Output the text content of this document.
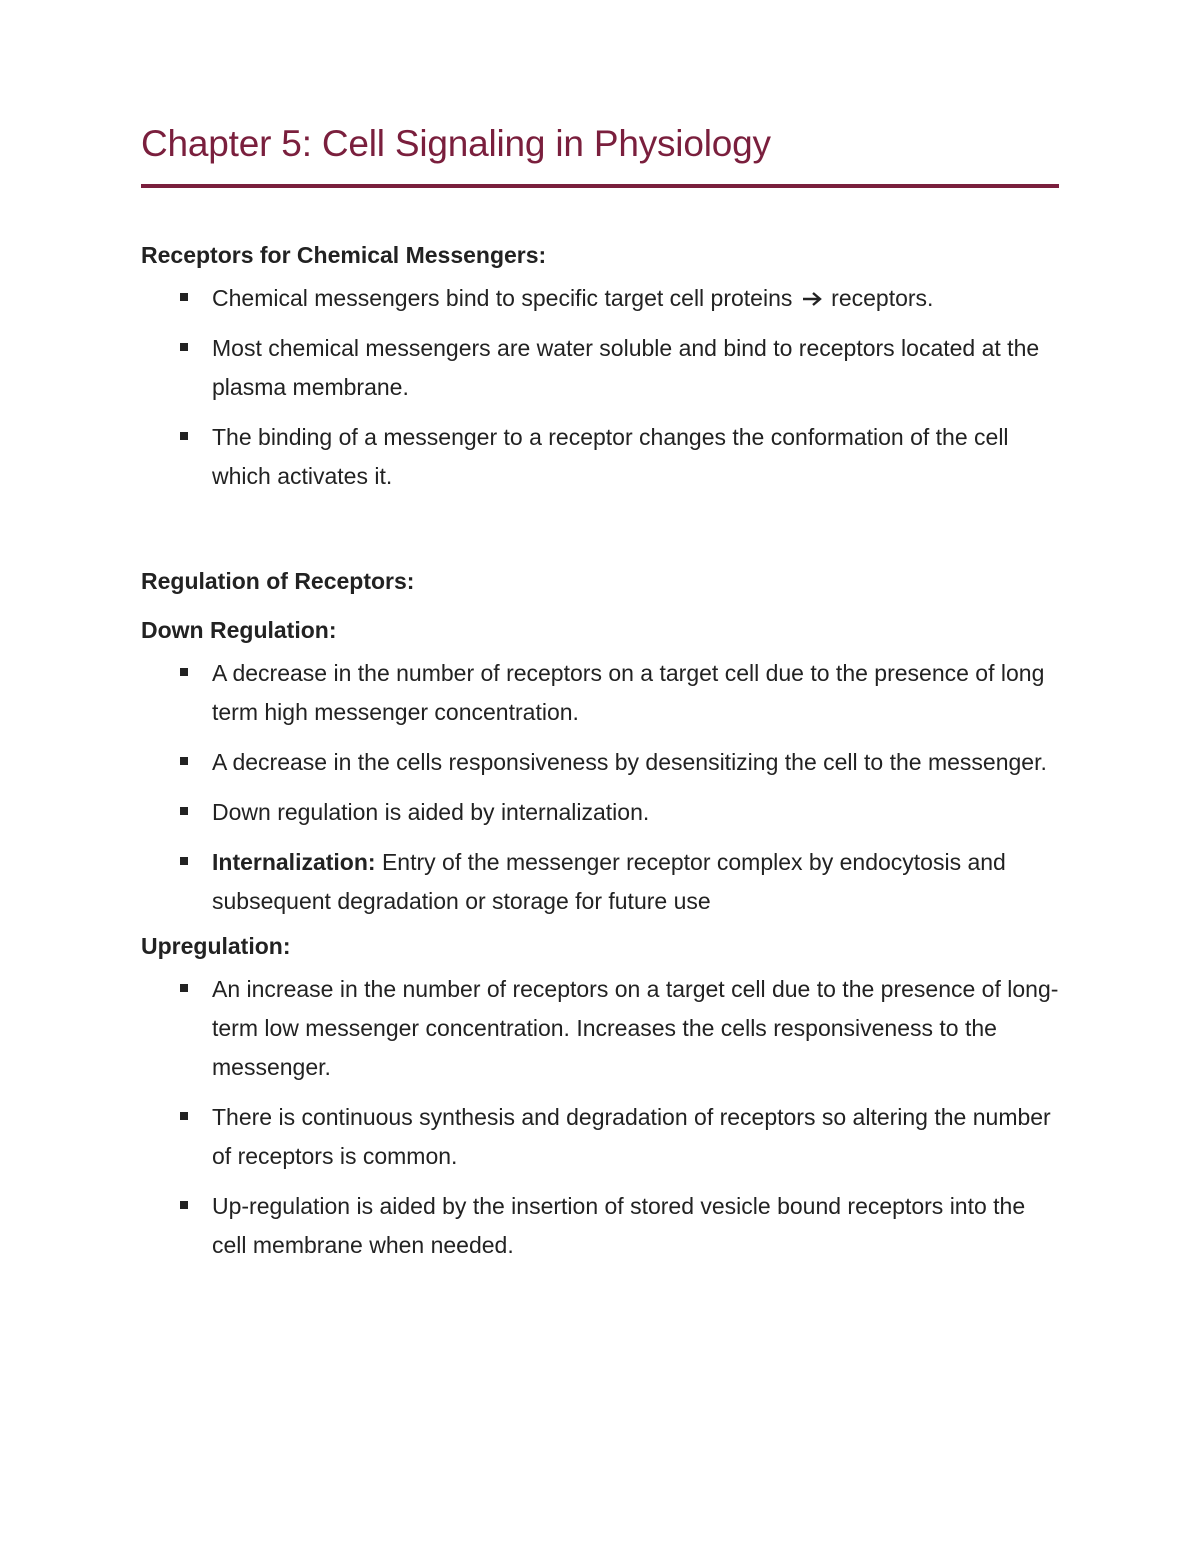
Chapter 5: Cell Signaling in Physiology

Receptors for Chemical Messengers:

Chemical messengers bind to specific target cell proteins receptors.
Most chemical messengers are water soluble and bind to receptors located at the plasma membrane.
The binding of a messenger to a receptor changes the conformation of the cell which activates it.

Regulation of Receptors:

Down Regulation:

A decrease in the number of receptors on a target cell due to the presence of long term high messenger concentration.
A decrease in the cells responsiveness by desensitizing the cell to the messenger.
Down regulation is aided by internalization.
Internalization: Entry of the messenger receptor complex by endocytosis and subsequent degradation or storage for future use

Upregulation:

An increase in the number of receptors on a target cell due to the presence of long-term low messenger concentration. Increases the cells responsiveness to the messenger.
There is continuous synthesis and degradation of receptors so altering the number of receptors is common.
Up-regulation is aided by the insertion of stored vesicle bound receptors into the cell membrane when needed.
